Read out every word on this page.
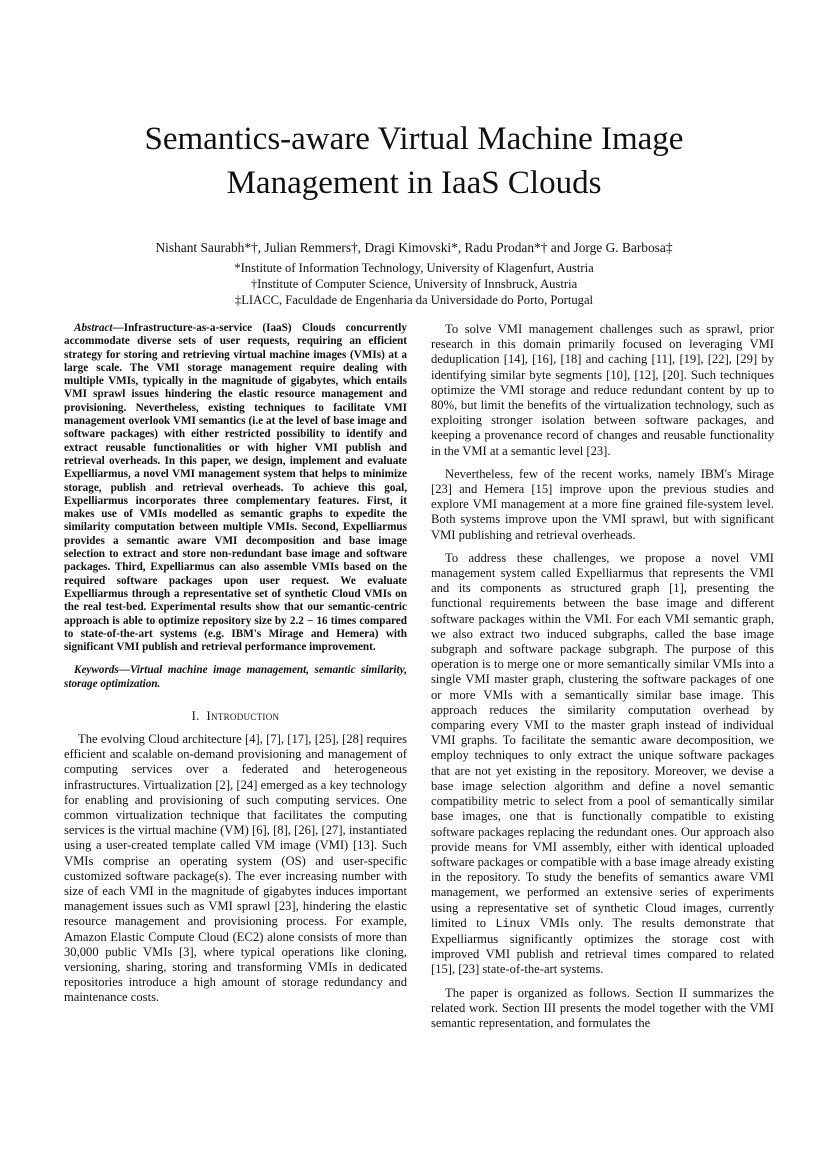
Semantics-aware Virtual Machine Image
Management in IaaS Clouds
Nishant Saurabh*†, Julian Remmers†, Dragi Kimovski*, Radu Prodan*† and Jorge G. Barbosa‡
*Institute of Information Technology, University of Klagenfurt, Austria
†Institute of Computer Science, University of Innsbruck, Austria
‡LIACC, Faculdade de Engenharia da Universidade do Porto, Portugal

Abstract—Infrastructure-as-a-service (IaaS) Clouds concurrently accommodate diverse sets of user requests, requiring an efficient strategy for storing and retrieving virtual machine images (VMIs) at a large scale. The VMI storage management require dealing with multiple VMIs, typically in the magnitude of gigabytes, which entails VMI sprawl issues hindering the elastic resource management and provisioning. Nevertheless, existing techniques to facilitate VMI management overlook VMI semantics (i.e at the level of base image and software packages) with either restricted possibility to identify and extract reusable functionalities or with higher VMI publish and retrieval overheads. In this paper, we design, implement and evaluate Expelliarmus, a novel VMI management system that helps to minimize storage, publish and retrieval overheads. To achieve this goal, Expelliarmus incorporates three complementary features. First, it makes use of VMIs modelled as semantic graphs to expedite the similarity computation between multiple VMIs. Second, Expelliarmus provides a semantic aware VMI decomposition and base image selection to extract and store non-redundant base image and software packages. Third, Expelliarmus can also assemble VMIs based on the required software packages upon user request. We evaluate Expelliarmus through a representative set of synthetic Cloud VMIs on the real test-bed. Experimental results show that our semantic-centric approach is able to optimize repository size by 2.2 − 16 times compared to state-of-the-art systems (e.g. IBM's Mirage and Hemera) with significant VMI publish and retrieval performance improvement.

Keywords—Virtual machine image management, semantic similarity, storage optimization.

I. Introduction

The evolving Cloud architecture [4], [7], [17], [25], [28] requires efficient and scalable on-demand provisioning and management of computing services over a federated and heterogeneous infrastructures. Virtualization [2], [24] emerged as a key technology for enabling and provisioning of such computing services. One common virtualization technique that facilitates the computing services is the virtual machine (VM) [6], [8], [26], [27], instantiated using a user-created template called VM image (VMI) [13]. Such VMIs comprise an operating system (OS) and user-specific customized software package(s). The ever increasing number with size of each VMI in the magnitude of gigabytes induces important management issues such as VMI sprawl [23], hindering the elastic resource management and provisioning process. For example, Amazon Elastic Compute Cloud (EC2) alone consists of more than 30,000 public VMIs [3], where typical operations like cloning, versioning, sharing, storing and transforming VMIs in dedicated repositories introduce a high amount of storage redundancy and maintenance costs.

To solve VMI management challenges such as sprawl, prior research in this domain primarily focused on leveraging VMI deduplication [14], [16], [18] and caching [11], [19], [22], [29] by identifying similar byte segments [10], [12], [20]. Such techniques optimize the VMI storage and reduce redundant content by up to 80%, but limit the benefits of the virtualization technology, such as exploiting stronger isolation between software packages, and keeping a provenance record of changes and reusable functionality in the VMI at a semantic level [23].

Nevertheless, few of the recent works, namely IBM's Mirage [23] and Hemera [15] improve upon the previous studies and explore VMI management at a more fine grained file-system level. Both systems improve upon the VMI sprawl, but with significant VMI publishing and retrieval overheads.

To address these challenges, we propose a novel VMI management system called Expelliarmus that represents the VMI and its components as structured graph [1], presenting the functional requirements between the base image and different software packages within the VMI. For each VMI semantic graph, we also extract two induced subgraphs, called the base image subgraph and software package subgraph. The purpose of this operation is to merge one or more semantically similar VMIs into a single VMI master graph, clustering the software packages of one or more VMIs with a semantically similar base image. This approach reduces the similarity computation overhead by comparing every VMI to the master graph instead of individual VMI graphs. To facilitate the semantic aware decomposition, we employ techniques to only extract the unique software packages that are not yet existing in the repository. Moreover, we devise a base image selection algorithm and define a novel semantic compatibility metric to select from a pool of semantically similar base images, one that is functionally compatible to existing software packages replacing the redundant ones. Our approach also provide means for VMI assembly, either with identical uploaded software packages or compatible with a base image already existing in the repository. To study the benefits of semantics aware VMI management, we performed an extensive series of experiments using a representative set of synthetic Cloud images, currently limited to Linux VMIs only. The results demonstrate that Expelliarmus significantly optimizes the storage cost with improved VMI publish and retrieval times compared to related [15], [23] state-of-the-art systems.

The paper is organized as follows. Section II summarizes the related work. Section III presents the model together with the VMI semantic representation, and formulates the
